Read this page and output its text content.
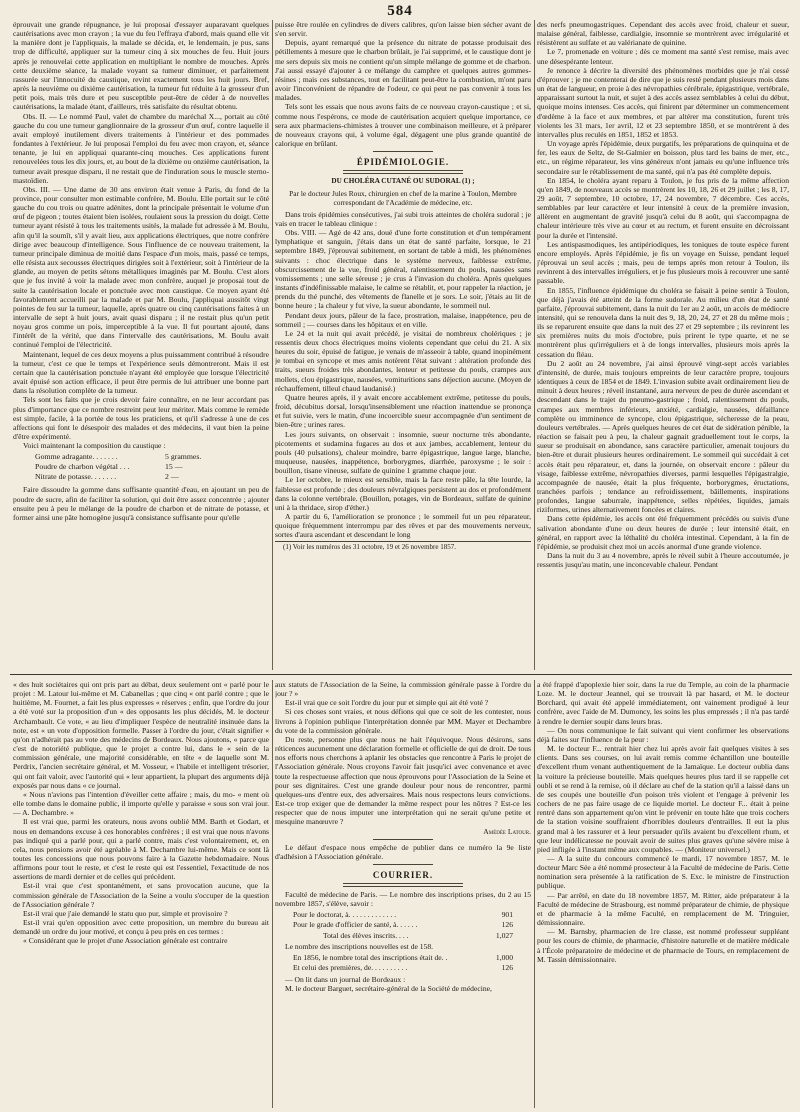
584

éprouvait une grande répugnance, je lui proposai d'essayer auparavant quelques cautérisations avec mon crayon ; la vue du feu l'effraya d'abord, mais quand elle vit la manière dont je l'appliquais, la malade se décida, et, le lendemain, je pus, sans trop de difficulté, appliquer sur la tumeur cinq à six mouches de feu. Huit jours après je renouvelai cette application en multipliant le nombre de mouches. Après cette deuxième séance, la malade voyant sa tumeur diminuer, et parfaitement rassurée sur l'innocuité du caustique, revint exactement tous les huit jours. Bref, après la neuvième ou dixième cautérisation, la tumeur fut réduite à la grosseur d'un petit pois, mais très dure et peu susceptible peut-être de céder à de nouvelles cautérisations, la malade étant, d'ailleurs, très satisfaite du résultat obtenu.

Obs. II. — Le nommé Paul, valet de chambre du maréchal X..., portait au côté gauche du cou une tumeur ganglionnaire de la grosseur d'un œuf, contre laquelle il avait employé inutilement divers traitements à l'intérieur et des pommades fondantes à l'extérieur. Je lui proposai l'emploi du feu avec mon crayon, et, séance tenante, je lui en appliquai quarante-cinq mouches. Ces applications furent renouvelées tous les dix jours, et, au bout de la dixième ou onzième cautérisation, la tumeur avait presque disparu, il ne restait que de l'induration sous le muscle sterno-mastoïdien.

Obs. III. — Une dame de 30 ans environ était venue à Paris, du fond de la province, pour consulter mon estimable confrère, M. Boulu. Elle portait sur le côté gauche du cou trois ou quatre adénites, dont la principale présentait le volume d'un œuf de pigeon ; toutes étaient bien isolées, roulaient sous la pression du doigt. Cette tumeur ayant résisté à tous les traitements usités, la malade fut adressée à M. Boulu, afin qu'il la soumît, s'il y avait lieu, aux applications électriques, que notre confrère dirige avec beaucoup d'intelligence. Sous l'influence de ce nouveau traitement, la tumeur principale diminua de moitié dans l'espace d'un mois, mais, passé ce temps, elle résista aux secousses électriques dirigées soit à l'extérieur, soit à l'intérieur de la glande, au moyen de petits sétons métalliques imaginés par M. Boulu. C'est alors que je fus invité à voir la malade avec mon confrère, auquel je proposai tout de suite la cautérisation locale et ponctuée avec mon caustique. Ce moyen ayant été favorablement accueilli par la malade et par M. Boulu, j'appliquai aussitôt vingt pointes de feu sur la tumeur, laquelle, après quatre ou cinq cautérisations faites à un intervalle de sept à huit jours, avait quasi disparu ; il ne restait plus qu'un petit noyau gros comme un pois, imperceptible à la vue. Il fut pourtant ajouté, dans l'intérêt de la vérité, que dans l'intervalle des cautérisations, M. Boulu avait continué l'emploi de l'électricité.

Maintenant, lequel de ces deux moyens a plus puissamment contribué à résoudre la tumeur, c'est ce que le temps et l'expérience seuls démontreront. Mais il est certain que la cautérisation ponctuée n'ayant été employée que lorsque l'électricité avait épuisé son action efficace, il peut être permis de lui attribuer une bonne part dans la résolution complète de la tumeur.

Tels sont les faits que je crois devoir faire connaître, en ne leur accordant pas plus d'importance que ce nombre restreint peut leur mériter. Mais comme le remède est simple, facile, à la portée de tous les praticiens, et qu'il s'adresse à une de ces affections qui font le désespoir des malades et des médecins, il vaut bien la peine d'être expérimenté.

Voici maintenant la composition du caustique :

Gomme adragante. . . . . . .	5 grammes.
Poudre de charbon végétal . . .	15 —
Nitrate de potasse. . . . . . .	2 —

Faire dissoudre la gomme dans suffisante quantité d'eau, en ajoutant un peu de poudre de sucre, afin de faciliter la solution, qui doit être assez concentrée ; ajouter ensuite peu à peu le mélange de la poudre de charbon et de nitrate de potasse, et former ainsi une pâte homogène jusqu'à consistance suffisante pour qu'elle

puisse être roulée en cylindres de divers calibres, qu'on laisse bien sécher avant de s'en servir.

Depuis, ayant remarqué que la présence du nitrate de potasse produisait des pétillements à mesure que le charbon brûlait, je l'ai supprimé, et le caustique dont je me sers depuis six mois ne contient qu'un simple mélange de gomme et de charbon. J'ai aussi essayé d'ajouter à ce mélange du camphre et quelques autres gommes-résines ; mais ces substances, tout en facilitant peut-être la combustion, m'ont paru avoir l'inconvénient de répandre de l'odeur, ce qui peut ne pas convenir à tous les malades.

Tels sont les essais que nous avons faits de ce nouveau crayon-caustique ; et si, comme nous l'espérons, ce mode de cautérisation acquiert quelque importance, ce sera aux pharmaciens-chimistes à trouver une combinaison meilleure, et à préparer de nouveaux crayons qui, à volume égal, dégagent une plus grande quantité de calorique en brûlant.

ÉPIDÉMIOLOGIE.
DU CHOLÉRA CUTANÉ OU SUDORAL (1) ;
Par le docteur Jules Roux, chirurgien en chef de la marine à Toulon, Membre correspondant de l'Académie de médecine, etc.

Dans trois épidémies consécutives, j'ai subi trois atteintes de choléra sudoral ; je vais en tracer le tableau clinique :

Obs. VIII. — Agé de 42 ans, doué d'une forte constitution et d'un tempérament lymphatique et sanguin, j'étais dans un état de santé parfaite, lorsque, le 21 septembre 1849, j'éprouvai subitement, en sortant de table à midi, les phénomènes suivants : choc électrique dans le système nerveux, faiblesse extrême, obscurcissement de la vue, froid général, ralentissement du pouls, nausées sans vomissements ; une selle séreuse ; je crus à l'invasion du choléra. Après quelques instants d'indéfinissable malaise, le calme se rétablit, et, pour rappeler la réaction, je prends du thé punché, des vêtements de flanelle et je sors. Le soir, j'étais au lit de bonne heure ; la chaleur y fut vive, la sueur abondante, le sommeil nul.

Pendant deux jours, pâleur de la face, prostration, malaise, inappétence, peu de sommeil ; — courses dans les hôpitaux et en ville.

Le 24 et la nuit qui avait précédé, je visitai de nombreux cholériques ; je ressentis deux chocs électriques moins violents cependant que celui du 21. A six heures du soir, épuisé de fatigue, je venais de m'asseoir à table, quand inopinément je tombai en syncope et mes amis notèrent l'état suivant : altération profonde des traits, sueurs froides très abondantes, lenteur et petitesse du pouls, crampes aux mollets, clou épigastrique, nausées, vomituritions sans déjection aucune. (Moyen de réchauffement, tilleul chaud laudanisé.)

Quatre heures après, il y avait encore accablement extrême, petitesse du pouls, froid, décubitus dorsal, lorsqu'insensiblement une réaction inattendue se prononça et fut suivie, vers le matin, d'une incoercible sueur accompagnée d'un sentiment de bien-être ; urines rares.

Les jours suivants, on observait : insomnie, sueur nocturne très abondante, picotements et sudamina fugaces au dos et aux jambes, accablement, lenteur du pouls (40 pulsations), chaleur moindre, barre épigastrique, langue large, blanche, muqueuse, nausées, inappétence, borborygmes, diarrhée, paroxysme ; le soir : bouillon, tisane vineuse, sulfate de quinine 1 gramme chaque jour.

Le 1er octobre, le mieux est sensible, mais la face reste pâle, la tête lourde, la faiblesse est profonde ; des douleurs névralgiques persistent au dos et profondément dans la colonne vertébrale. (Bouillon, potages, vin de Bordeaux, sulfate de quinine uni à la thridace, sirop d'éther.)

A partir du 6, l'amélioration se prononce ; le sommeil fut un peu réparateur, quoique fréquemment interrompu par des rêves et par des mouvements nerveux, sortes d'aura ascendant et descendant le long

(1) Voir les numéros des 31 octobre, 19 et 26 novembre 1857.

des nerfs pneumogastriques. Cependant des accès avec froid, chaleur et sueur, malaise général, faiblesse, cardialgie, insomnie se montrèrent avec irrégularité et résistèrent au sulfate et au valérianate de quinine.

Le 7, promenade en voiture ; dès ce moment ma santé s'est remise, mais avec une désespérante lenteur.

Je renonce à décrire la diversité des phénomènes morbides que je n'ai cessé d'éprouver ; je me contenterai de dire que je suis resté pendant plusieurs mois dans un état de langueur, en proie à des névropathies cérébrale, épigastrique, vertébrale, apparaissant surtout la nuit, et sujet à des accès assez semblables à celui du début, quoique moins intenses. Ces accès, qui finirent par déterminer un commencement d'œdème à la face et aux membres, et par altérer ma constitution, furent très violents les 31 mars, 1er avril, 12 et 23 septembre 1850, et se montrèrent à des intervalles plus reculés en 1851, 1852 et 1853.

Un voyage après l'épidémie, deux purgatifs, les préparations de quinquina et de fer, les eaux de Seltz, de St-Galmier en boisson, plus tard les bains de mer, etc., etc., un régime réparateur, les vins généreux n'ont jamais eu qu'une influence très secondaire sur le rétablissement de ma santé, qui n'a pas été complète depuis.

En 1854, le choléra ayant reparu à Toulon, je fus pris de la même affection qu'en 1849, de nouveaux accès se montrèrent les 10, 18, 26 et 29 juillet ; les 8, 17, 29 août, 7 septembre, 10 octobre, 17, 24 novembre, 7 décembre. Ces accès, semblables par leur caractère et leur intensité à ceux de la première invasion, allèrent en augmentant de gravité jusqu'à celui du 8 août, qui s'accompagna de chaleur intérieure très vive au cœur et au rectum, et furent ensuite en décroissant pour la durée et l'intensité.

Les antispasmodiques, les antipériodiques, les toniques de toute espèce furent encore employés. Après l'épidémie, je fis un voyage en Suisse, pendant lequel j'éprouvai un seul accès ; mais, peu de temps après mon retour à Toulon, ils revinrent à des intervalles irréguliers, et je fus plusieurs mois à recouvrer une santé passable.

En 1855, l'influence épidémique du choléra se faisait à peine sentir à Toulon, que déjà j'avais été atteint de la forme sudorale. Au milieu d'un état de santé parfaite, j'éprouvai subitement, dans la nuit du 1er au 2 août, un accès de médiocre intensité, qui se renouvela dans la nuit des 9, 18, 20, 24, 27 et 28 du même mois ; ils se reparurent ensuite que dans la nuit des 27 et 29 septembre ; ils revinrent les six premières nuits du mois d'octobre, puis prirent le type quarte, et ne se montrèrent plus qu'irréguliers et à de longs intervalles, plusieurs mois après la cessation du fléau.

Du 2 août au 24 novembre, j'ai ainsi éprouvé vingt-sept accès variables d'intensité, de durée, mais toujours empreints de leur caractère propre, toujours identiques à ceux de 1854 et de 1849. L'invasion subite avait ordinairement lieu de minuit à deux heures ; réveil instantané, aura nerveux de peu de durée ascendant et descendant dans le trajet du pneumo-gastrique ; froid, ralentissement du pouls, crampes aux membres inférieurs, anxiété, cardialgie, nausées, défaillance complète ou imminence de syncope, clou épigastrique, sécheresse de la peau, douleurs vertébrales. — Après quelques heures de cet état de sidération pénible, la réaction se faisait peu à peu, la chaleur gagnait graduellement tout le corps, la sueur se produisait en abondance, sans caractère particulier, amenait toujours du bien-être et durait plusieurs heures ordinairement. Le sommeil qui succédait à cet accès était peu réparateur, et, dans la journée, on observait encore : pâleur du visage, faiblesse extrême, névropathies diverses, parmi lesquelles l'épigastralgie, accompagnée de nausée, était la plus fréquente, borborygmes, éructations, tranchées parfois ; tendance au refroidissement, bâillements, inspirations profondes, langue saburrale, inappétence, selles répétées, liquides, jamais riziformes, urines alternativement foncées et claires.

Dans cette épidémie, les accès ont été fréquemment précédés ou suivis d'une salivation abondante d'une ou deux heures de durée ; leur intensité était, en général, en rapport avec la léthalité du choléra intestinal. Cependant, à la fin de l'épidémie, se produisit chez moi un accès anormal d'une grande violence.

Dans la nuit du 3 au 4 novembre, après le réveil subit à l'heure accoutumée, je ressentis jusqu'au matin, une inconcevable chaleur. Pendant

« des huit sociétaires qui ont pris part au débat, deux seulement ont « parlé pour le projet : M. Latour lui-même et M. Cabanellas ; que cinq « ont parlé contre ; que le huitième, M. Fournet, a fait les plus expresses « réserves ; enfin, que l'ordre du jour a été voté sur la proposition d'un « des opposants les plus décidés, M. le docteur Archambault. Ce vote, « au lieu d'impliquer l'espèce de neutralité insinuée dans la note, est « un vote d'opposition formelle. Passer à l'ordre du jour, c'était signifier « qu'on n'adhérait pas au vote des médecins de Bordeaux. Nous ajoutons, « parce que c'est de notoriété publique, que le projet a contre lui, dans le « sein de la commission générale, une majorité considérable, en tête « de laquelle sont M. Perdrix, l'ancien secrétaire général, et M. Vosseur, « l'habile et intelligent trésorier, qui ont fait valoir, avec l'autorité qui « leur appartient, la plupart des arguments déjà exposés par nous dans « ce journal.

« Nous n'avions pas l'intention d'éveiller cette affaire ; mais, du mo- « ment où elle tombe dans le domaine public, il importe qu'elle y paraisse « sous son vrai jour. — A. Dechambre. »

Il est vrai que, parmi les orateurs, nous avons oublié MM. Barth et Godart, et nous en demandons excuse à ces honorables confrères ; il est vrai que nous n'avons pas indiqué qui a parlé pour, qui a parlé contre, mais c'est volontairement, et, en cela, nous pensions avoir été agréable à M. Dechambre lui-même. Mais ce sont là toutes les concessions que nous pouvons faire à la Gazette hebdomadaire. Nous affirmons pour tout le reste, et c'est le reste qui est l'essentiel, l'exactitude de nos assertions de mardi dernier et de celles qui précèdent.

Est-il vrai que c'est spontanément, et sans provocation aucune, que la commission générale de l'Association de la Seine a voulu s'occuper de la question de l'Association générale ?

Est-il vrai que j'aie demandé le statu quo pur, simple et provisoire ?

Est-il vrai qu'en opposition avec cette proposition, un membre du bureau ait demandé un ordre du jour motivé, et conçu à peu près en ces termes :

« Considérant que le projet d'une Association générale est contraire

aux statuts de l'Association de la Seine, la commission générale passe à l'ordre du jour ? »

Est-il vrai que ce soit l'ordre du jour pur et simple qui ait été voté ?

Si ces choses sont vraies, et nous défions qui que ce soit de les contester, nous livrons à l'opinion publique l'interprétation donnée par MM. Mayer et Dechambre du vote de la commission générale.

Du reste, personne plus que nous ne hait l'équivoque. Nous désirons, sans réticences aucunement une déclaration formelle et officielle de qui de droit. De tous nos efforts nous cherchons à aplanir les obstacles que rencontre à Paris le projet de l'Association générale. Nous croyons l'avoir fait jusqu'ici avec convenance et avec toute la respectueuse affection que nous éprouvons pour l'Association de la Seine et pour ses dignitaires. C'est une grande douleur pour nous de rencontrer, parmi quelques-uns d'entre eux, des adversaires. Mais nous respectons leurs convictions. Est-ce trop exiger que de demander la même respect pour les nôtres ? Est-ce les respecter que de nous imputer une interprétation qui ne serait qu'une petite et mesquine manœuvre ?

Amédée Latour.

Le défaut d'espace nous empêche de publier dans ce numéro la 9e liste d'adhésion à l'Association générale.

COURRIER.

Faculté de médecine de Paris. — Le nombre des inscriptions prises, du 2 au 15 novembre 1857, s'élève, savoir :

Pour le doctorat, à. . . . . . . . . . . . .	901
Pour le grade d'officier de santé, à. . . . . .	126
Total des élèves inscrits. . . .	1,027

Le nombre des inscriptions nouvelles est de 158.

En 1856, le nombre total des inscriptions était de. .	1,000
Et celui des premières, de. . . . . . . . . .	126

— On lit dans un journal de Bordeaux :

M. le docteur Barguet, secrétaire-général de la Société de médecine,

a été frappé d'apoplexie hier soir, dans la rue du Temple, au coin de la pharmacie Loze. M. le docteur Jeannel, qui se trouvait là par hasard, et M. le docteur Borchard, qui avait été appelé immédiatement, ont vainement prodigué à leur confrère, avec l'aide de M. Dumoncy, les soins les plus empressés ; il n'a pas tardé à rendre le dernier soupir dans leurs bras.

— On nous communique le fait suivant qui vient confirmer les observations déjà faites sur l'influence de la peur :

M. le docteur F... rentrait hier chez lui après avoir fait quelques visites à ses clients. Dans ses courses, on lui avait remis comme échantillon une bouteille d'excellent rhum venant authentiquement de la Jamaïque. Le docteur oublia dans la voiture la précieuse bouteille. Mais quelques heures plus tard il se rappelle cet oubli et se rend à la remise, où il déclare au chef de la station qu'il a laissé dans un de ses coupés une bouteille d'un poison très violent et l'engage à prévenir les cochers de ne pas faire usage de ce liquide mortel. Le docteur F... était à peine rentré dans son appartement qu'on vint le prévenir en toute hâte que trois cochers de la station voisine souffraient d'horribles douleurs d'entrailles. Il eut la plus grand mal à les rassurer et à leur persuader qu'ils avaient bu d'excellent rhum, et que leur indélicatesse ne pouvait avoir de suites plus graves qu'une sévère mise à pied infligée à l'instant même aux coupables. — (Moniteur universel.)

— A la suite du concours commencé le mardi, 17 novembre 1857, M. le docteur Marc Sée a été nommé prosecteur à la Faculté de médecine de Paris. Cette nomination sera présentée à la ratification de S. Exc. le ministre de l'instruction publique.

— Par arrêté, en date du 18 novembre 1857, M. Ritter, aide préparateur à la Faculté de médecine de Strasbourg, est nommé préparateur de chimie, de physique et de pharmacie à la même Faculté, en remplacement de M. Tringuier, démissionnaire.

— M. Barnsby, pharmacien de 1re classe, est nommé professeur suppléant pour les cours de chimie, de pharmacie, d'histoire naturelle et de matière médicale à l'École préparatoire de médecine et de pharmacie de Tours, en remplacement de M. Tassin démissionnaire.
